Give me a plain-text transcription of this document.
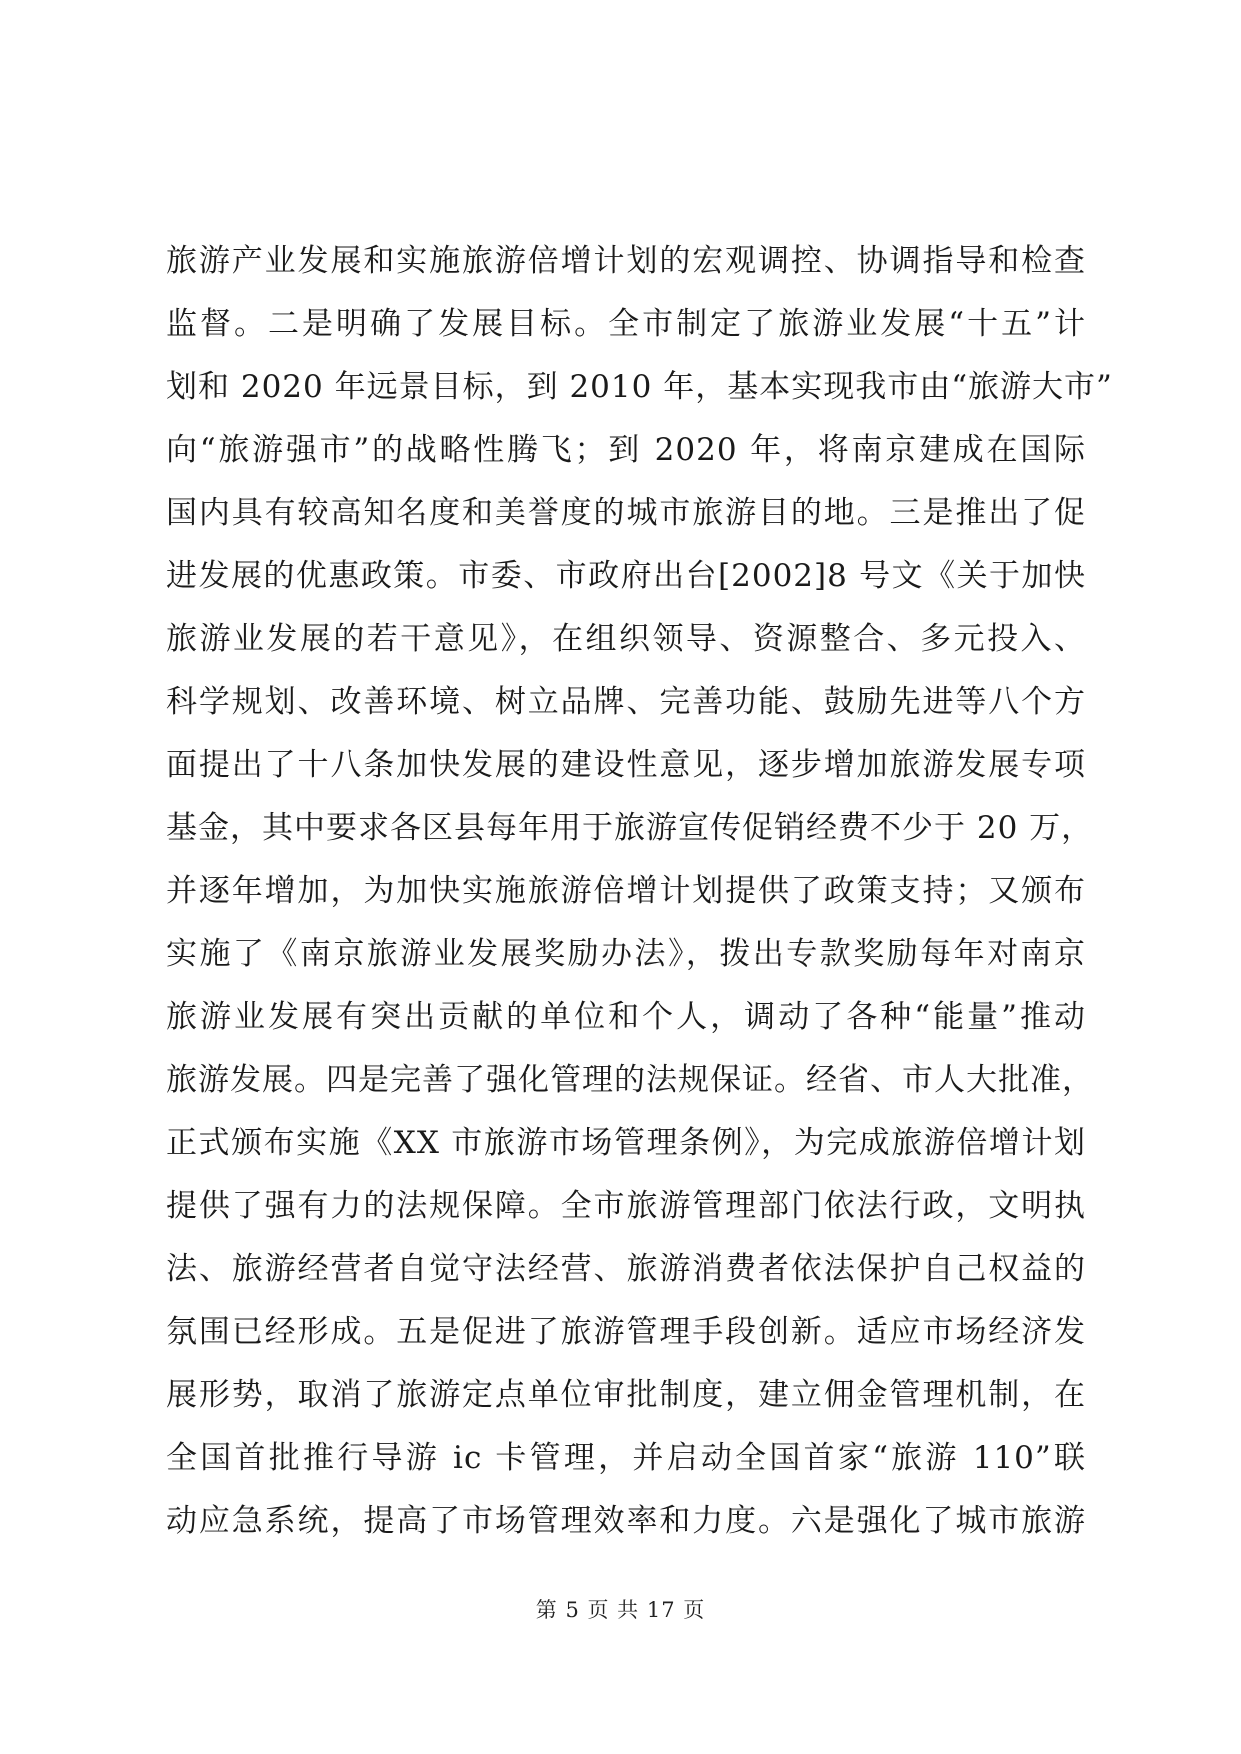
旅游产业发展和实施旅游倍增计划的宏观调控、协调指导和检查
监督。二是明确了发展目标。全市制定了旅游业发展“十五”计
划和 2020 年远景目标，到 2010 年，基本实现我市由“旅游大市”
向“旅游强市”的战略性腾飞；到 2020 年，将南京建成在国际
国内具有较高知名度和美誉度的城市旅游目的地。三是推出了促
进发展的优惠政策。市委、市政府出台[2002]8 号文《关于加快
旅游业发展的若干意见》，在组织领导、资源整合、多元投入、
科学规划、改善环境、树立品牌、完善功能、鼓励先进等八个方
面提出了十八条加快发展的建设性意见，逐步增加旅游发展专项
基金，其中要求各区县每年用于旅游宣传促销经费不少于 20 万，
并逐年增加，为加快实施旅游倍增计划提供了政策支持；又颁布
实施了《南京旅游业发展奖励办法》，拨出专款奖励每年对南京
旅游业发展有突出贡献的单位和个人，调动了各种“能量”推动
旅游发展。四是完善了强化管理的法规保证。经省、市人大批准，
正式颁布实施《XX 市旅游市场管理条例》，为完成旅游倍增计划
提供了强有力的法规保障。全市旅游管理部门依法行政，文明执
法、旅游经营者自觉守法经营、旅游消费者依法保护自己权益的
氛围已经形成。五是促进了旅游管理手段创新。适应市场经济发
展形势，取消了旅游定点单位审批制度，建立佣金管理机制，在
全国首批推行导游 ic 卡管理，并启动全国首家“旅游 110”联
动应急系统，提高了市场管理效率和力度。六是强化了城市旅游
第 5 页 共 17 页
